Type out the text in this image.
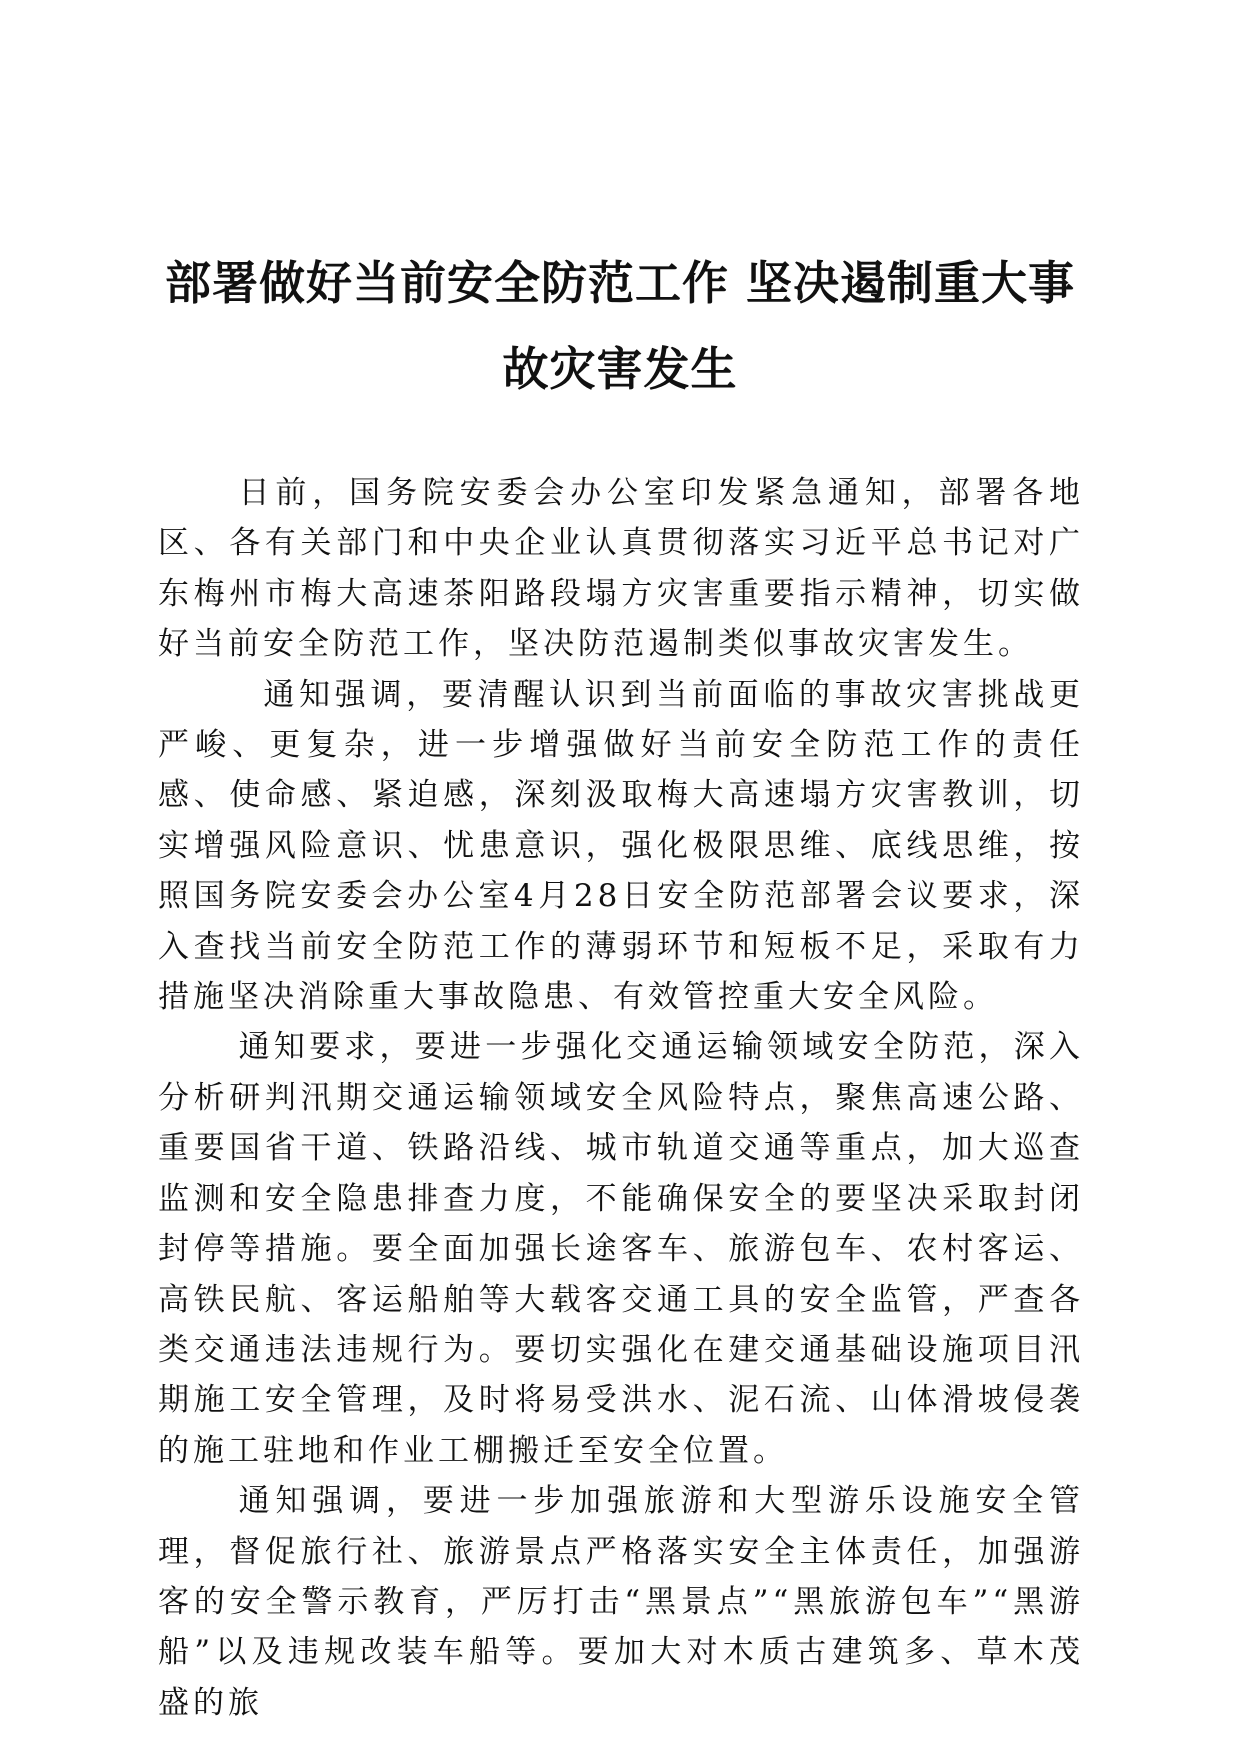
部署做好当前安全防范工作 坚决遏制重大事
故灾害发生

日前，国务院安委会办公室印发紧急通知，部署各地区、各有关部门和中央企业认真贯彻落实习近平总书记对广东梅州市梅大高速茶阳路段塌方灾害重要指示精神，切实做好当前安全防范工作，坚决防范遏制类似事故灾害发生。

通知强调，要清醒认识到当前面临的事故灾害挑战更严峻、更复杂，进一步增强做好当前安全防范工作的责任感、使命感、紧迫感，深刻汲取梅大高速塌方灾害教训，切实增强风险意识、忧患意识，强化极限思维、底线思维，按照国务院安委会办公室4月28日安全防范部署会议要求，深入查找当前安全防范工作的薄弱环节和短板不足，采取有力措施坚决消除重大事故隐患、有效管控重大安全风险。

通知要求，要进一步强化交通运输领域安全防范，深入分析研判汛期交通运输领域安全风险特点，聚焦高速公路、重要国省干道、铁路沿线、城市轨道交通等重点，加大巡查监测和安全隐患排查力度，不能确保安全的要坚决采取封闭封停等措施。要全面加强长途客车、旅游包车、农村客运、高铁民航、客运船舶等大载客交通工具的安全监管，严查各类交通违法违规行为。要切实强化在建交通基础设施项目汛期施工安全管理，及时将易受洪水、泥石流、山体滑坡侵袭的施工驻地和作业工棚搬迁至安全位置。

通知强调，要进一步加强旅游和大型游乐设施安全管理，督促旅行社、旅游景点严格落实安全主体责任，加强游客的安全警示教育，严厉打击“黑景点”“黑旅游包车”“黑游船”以及违规改装车船等。要加大对木质古建筑多、草木茂盛的旅
